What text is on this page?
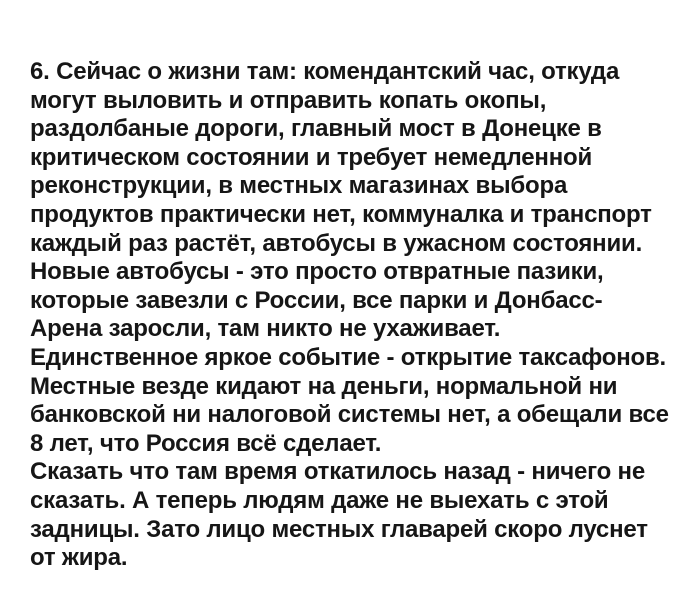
6. Сейчас о жизни там: комендантский час, откуда
могут выловить и отправить копать окопы,
раздолбаные дороги, главный мост в Донецке в
критическом состоянии и требует немедленной
реконструкции, в местных магазинах выбора
продуктов практически нет, коммуналка и транспорт
каждый раз растёт, автобусы в ужасном состоянии.
Новые автобусы - это просто отвратные пазики,
которые завезли с России, все парки и Донбасс-
Арена заросли, там никто не ухаживает.
Единственное яркое событие - открытие таксафонов.
Местные везде кидают на деньги, нормальной ни
банковской ни налоговой системы нет, а обещали все
8 лет, что Россия всё сделает.
Сказать что там время откатилось назад - ничего не
сказать. А теперь людям даже не выехать с этой
задницы. Зато лицо местных главарей скоро луснет
от жира.
